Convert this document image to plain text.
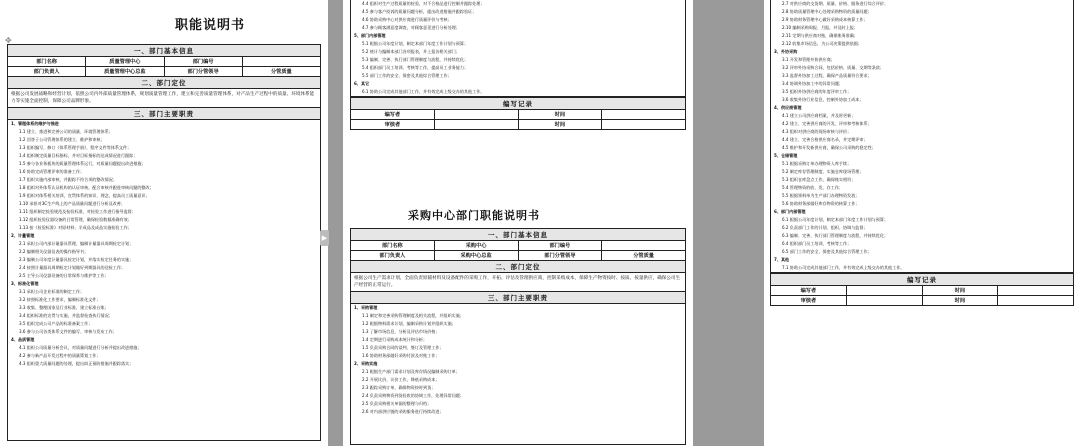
职能说明书
一、部门基本信息			
部门名称	质量管理中心	部门编号	
部门负责人	质量管理中心总监	部门分管领导	分管质量
二、部门定位			
根据公司发展战略和经营计划，依照公司内外部质量管理体系，规划质量管理工作，建立和完善质量管理体系，对产品生产过程中的质量、环境体系能力等实施全面控制，保障公司品牌形象。			
三、部门主要职责			
1、管理体系的维护与推进
1.1 建立、推进和完善公司的质量、环境管理体系；
1.2 回答子公司管理体系的建立、维护和审核；
1.3 组织编写、修订《体系管理手册》、程序文件等体系文件；
1.4 组织制定质量目标指标，并对目标指标的达成情况进行跟踪；
1.5 参与各业务板块的质量管理体系运行，对质量问题提出改进措施；
1.6 协助完成管理评审的准备工作；
1.7 组织实施内部审核，并跟踪不符合项的整改情况；
1.8 组织对外体系认证机构的认证审核，配合审核并跟进审核问题的整改；
1.9 组织对体系相关培训，宣贯体系的知识、理念，提高员工质量意识；
1.10 承担对3C生产线上的产品质量问题进行分析及改善；
1.11 组织制定检验规范及检验标准，对检验工作进行指导监督；
1.12 组织检验仪器设备的日常管理，确保检验数据准确有效；
1.13 按《检验标准》对原材料、半成品及成品实施检验工作；
2、计量管理
2.1 承担公司内部计量器具管理，编制计量器具周期检定计划；
2.2 编制相关仪器仪表的操作指导书；
2.3 编制公司年度计量器具检定计划，并落实检定任务的实施；
2.4 按照计量器具周期检定计划做好到期器具的送检工作；
2.5 主导公司仪器设备的日常保养与维护等工作；
3、标准化管理
3.1 承担公司企业标准的制定工作；
3.2 按照标准化工作要求，编制标准化文件；
3.3 收集、整理国家及行业标准，建立标准台账；
3.4 组织标准的宣贯与实施，并监督检查执行情况；
3.5 组织完成公司产品的标准备案工作；
3.6 参与公司各类体系文件的编写、审核与发布工作；
4、品质管理
4.1 组织公司质量分析会议，对质量问题进行分析并提出改进措施；
4.2 参与新产品开发过程中的质量策划工作；
4.3 组织重大质量问题的处理，提出纠正预防措施并跟踪落实；
✥
▶
4.4 组织对生产过程质量的检验，对不合格品进行控制并跟踪处理；
4.5 参与客户投诉的质量问题分析，提出改进措施并跟踪验证；
4.6 协助采购中心对供应商进行质量评价与考核；
4.7 参与顾客满意度调查，对顾客意见进行分析处理；
5、部门内部管理
5.1 根据公司年度计划，制定本部门年度工作计划与预算；
5.2 统计与编制本部门各项报表，并上报各相关部门；
5.3 编制、完善、执行部门管理制度与流程，并持续优化；
5.4 组织部门员工培训、考核等工作，提高员工业务能力；
5.5 部门工作的安全、保密及其他综合管理工作；
6、其它
6.1 协助公司完成其他部门工作，并有效完成上级交办的其他工作。
编写记录			
编写者		时间	
审核者		时间	
采购中心部门职能说明书
一、部门基本信息			
部门名称	采购中心	部门编号	
部门负责人	采购中心总监	部门分管领导	分管质量
二、部门定位			
根据公司生产需求计划，全面负责原辅材料及设备配件的采购工作，开拓、评估及管理供应商，控制采购成本，保障生产物资按时、按质、按量供应，确保公司生产经营的正常运行。			
三、部门主要职责			
1、采购管理
1.1 制定和完善采购管理制度及相关流程，并组织实施；
1.2 根据物料需求计划，编制采购计划并组织实施；
1.3 了解市场信息，分析及评估市场价格；
1.4 定期进行采购成本统计和分析；
1.5 负责采购合同的谈判、签订及管理工作；
1.6 协助财务部做好采购付款及对账工作；
2、采购实施
2.1 根据生产部门需求计划及库存情况编制采购订单；
2.2 开展比价、议价工作，降低采购成本；
2.3 跟踪采购订单，确保物资按时到货；
2.4 负责采购物资到货验收的协调工作，处理异常问题；
2.5 负责采购相关单据的整理与归档；
2.6 对内部供应链的采购服务进行持续改进；
2.7 对供应商的交货期、质量、价格、服务进行综合评价；
2.8 协助质量管理中心处理采购物资的质量问题；
2.9 协助财务管理中心做好采购成本核算工作；
2.10 编制采购周报、月报，并及时上报；
2.11 定期与供应商对账，确保账务准确；
2.12 收集市场信息，为公司决策提供依据；
3、外协采购
3.1 开发和管理外协供应商；
3.2 评审外协采购合同，包括价格、质量、交期等条款；
3.3 监督外协加工过程，确保产品质量符合要求；
3.4 协调外协加工中的异常问题；
3.5 组织外协供应商的年度评审工作；
3.6 收集外协行业信息，控制外协加工成本；
4、供应商管理
4.1 建立公司供应商档案，并及时更新；
4.2 建立、完善供应商的开发、评审和考核体系；
4.3 组织对供应商的现场审核与评价；
4.4 建立、完善合格供应商名录，并定期评审；
4.5 维护和开发新供应商，确保公司采购的稳定性；
5、仓储管理
5.1 根据采购订单办理物资入库手续；
5.2 制定库存管理制度，实施仓库现场管理；
5.3 组织仓库盘点工作，确保账实相符；
5.4 管理物资的收、发、存工作；
5.5 根据领料单为生产部门办理物资发放；
5.6 协助财务部做好库存物资的核算工作；
6、部门内部管理
6.1 根据公司年度计划，制定本部门年度工作计划与预算；
6.2 负责部门工作的计划、组织、协调与监督；
6.3 编制、完善、执行部门管理制度与流程，并持续优化；
6.4 组织部门员工培训、考核等工作；
6.5 部门工作的安全、保密及其他综合管理工作；
7、其他
7.1 协助公司完成其他部门工作，并有效完成上级交办的其他工作。
编写记录			
编写者		时间	
审核者		时间	
